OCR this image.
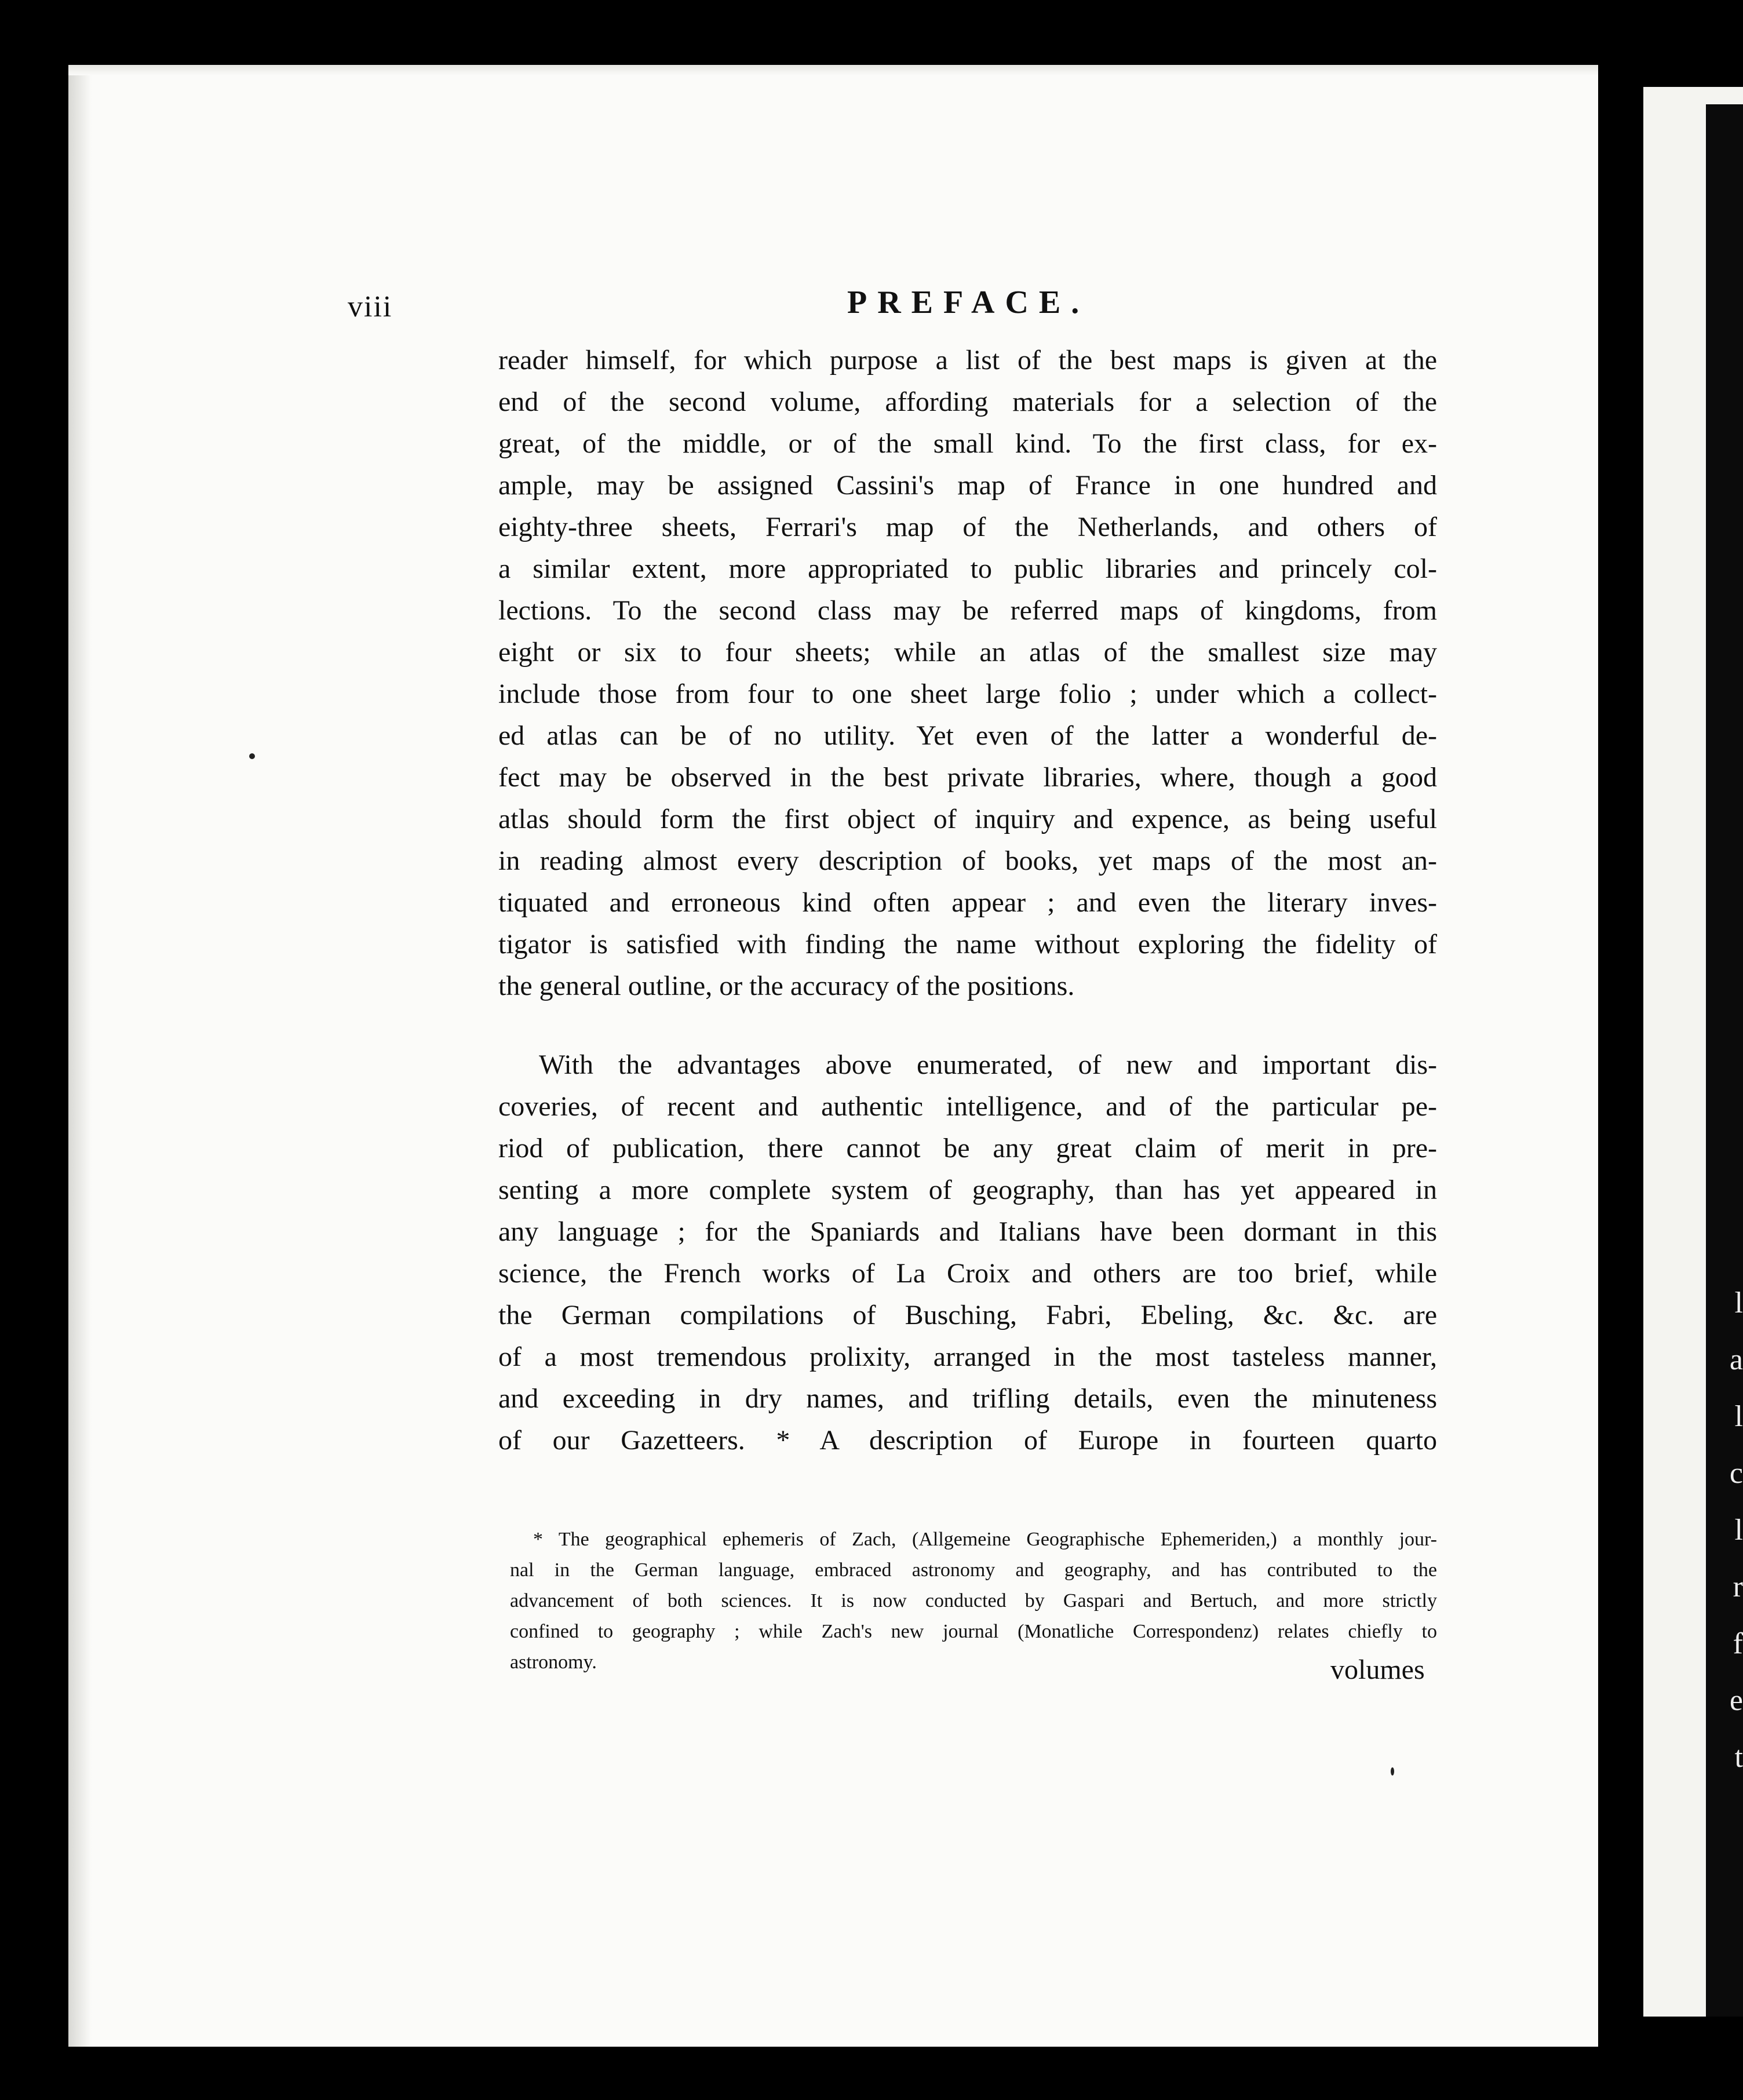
l
a
l
c
l
r
f
e
t
viii	PREFACE.
reader himself, for which purpose a list of the best maps is given at the
end of the second volume, affording materials for a selection of the
great, of the middle, or of the small kind. To the first class, for ex-
ample, may be assigned Cassini's map of France in one hundred and
eighty-three sheets, Ferrari's map of the Netherlands, and others of
a similar extent, more appropriated to public libraries and princely col-
lections. To the second class may be referred maps of kingdoms, from
eight or six to four sheets; while an atlas of the smallest size may
include those from four to one sheet large folio ; under which a collect-
ed atlas can be of no utility. Yet even of the latter a wonderful de-
fect may be observed in the best private libraries, where, though a good
atlas should form the first object of inquiry and expence, as being useful
in reading almost every description of books, yet maps of the most an-
tiquated and erroneous kind often appear ; and even the literary inves-
tigator is satisfied with finding the name without exploring the fidelity of
the general outline, or the accuracy of the positions.
With the advantages above enumerated, of new and important dis-
coveries, of recent and authentic intelligence, and of the particular pe-
riod of publication, there cannot be any great claim of merit in pre-
senting a more complete system of geography, than has yet appeared in
any language ; for the Spaniards and Italians have been dormant in this
science, the French works of La Croix and others are too brief, while
the German compilations of Busching, Fabri, Ebeling, &c. &c. are
of a most tremendous prolixity, arranged in the most tasteless manner,
and exceeding in dry names, and trifling details, even the minuteness
of our Gazetteers. * A description of Europe in fourteen quarto
* The geographical ephemeris of Zach, (Allgemeine Geographische Ephemeriden,) a monthly jour-
nal in the German language, embraced astronomy and geography, and has contributed to the
advancement of both sciences. It is now conducted by Gaspari and Bertuch, and more strictly
confined to geography ; while Zach's new journal (Monatliche Correspondenz) relates chiefly to
astronomy.	volumes
